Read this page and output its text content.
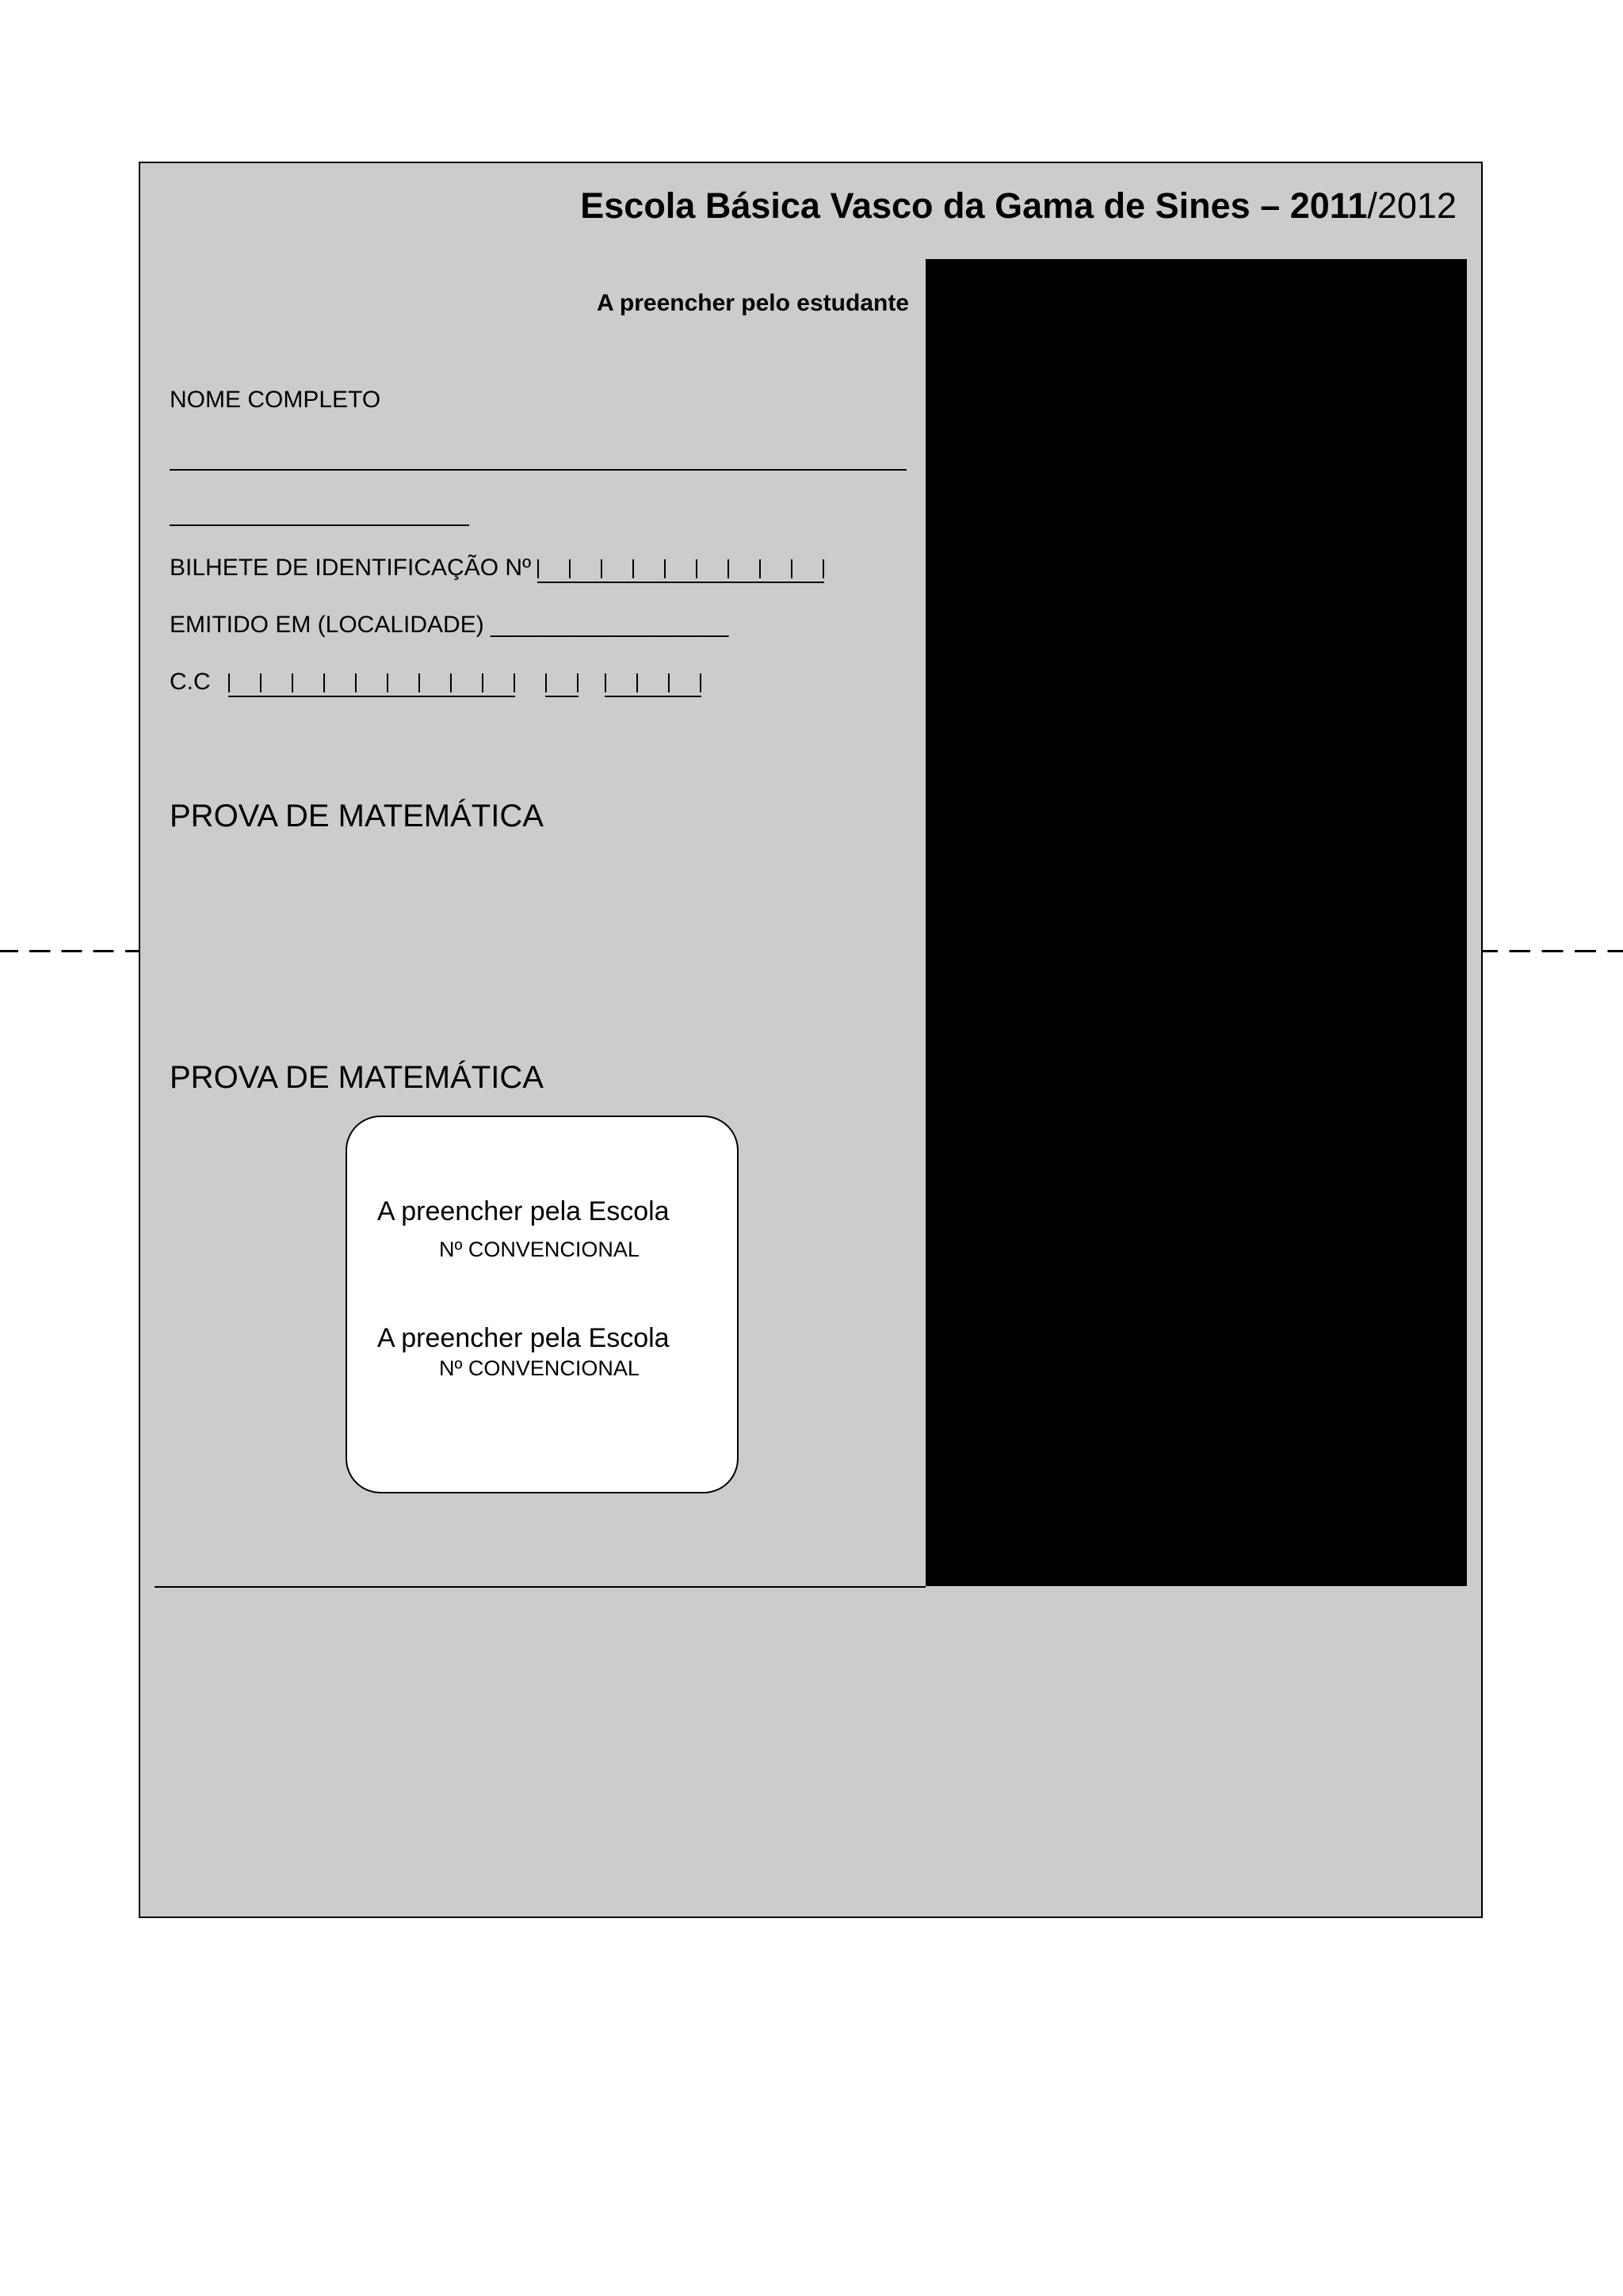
Escola Básica Vasco da Gama de Sines – 2011/2012
A preencher pelo estudante
NOME COMPLETO
BILHETE DE IDENTIFICAÇÃO Nº
EMITIDO EM (LOCALIDADE) __________________
C.C
PROVA DE MATEMÁTICA
PROVA DE MATEMÁTICA
A preencher pela Escola
Nº CONVENCIONAL
A preencher pela Escola
Nº CONVENCIONAL
